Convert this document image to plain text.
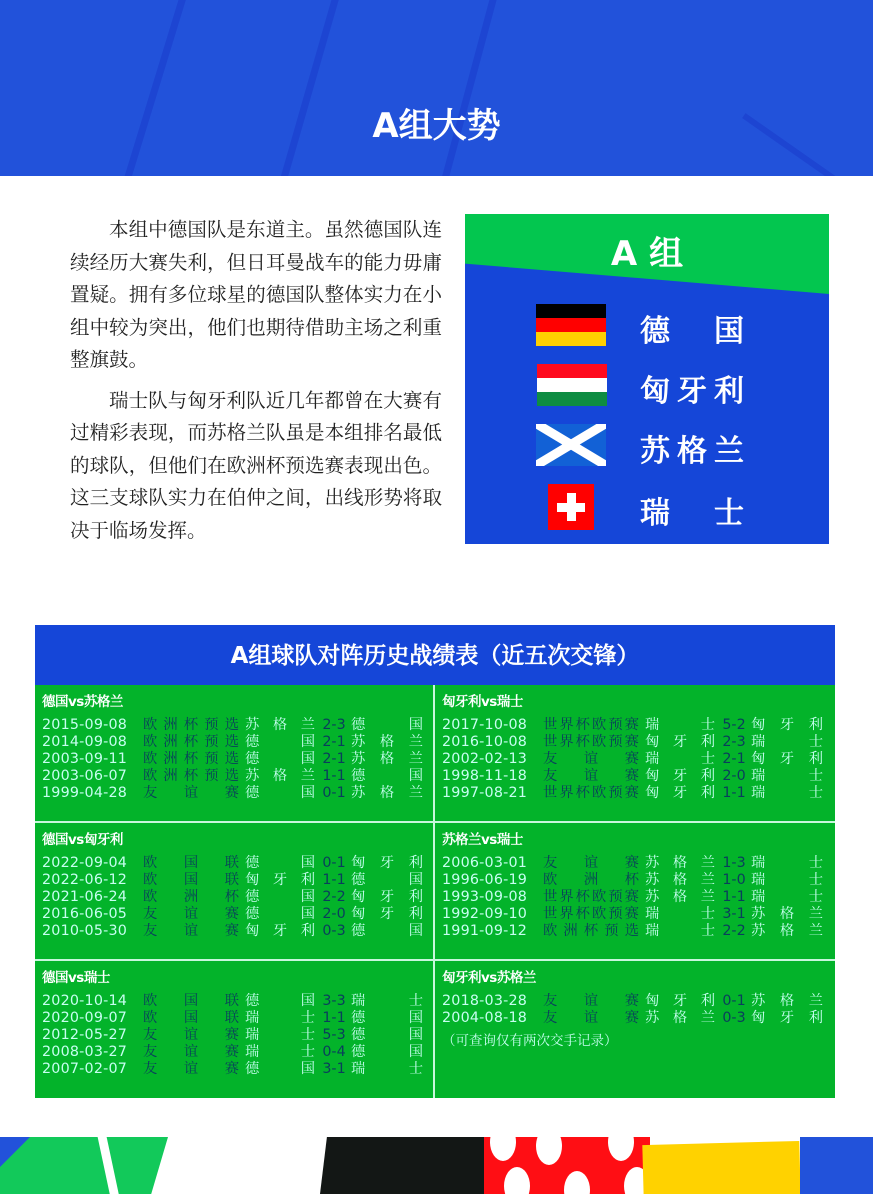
A组大势

本组中德国队是东道主。虽然德国队连续经历大赛失利，但日耳曼战车的能力毋庸置疑。拥有多位球星的德国队整体实力在小组中较为突出，他们也期待借助主场之利重整旗鼓。

瑞士队与匈牙利队近几年都曾在大赛有过精彩表现，而苏格兰队虽是本组排名最低的球队，但他们在欧洲杯预选赛表现出色。这三支球队实力在伯仲之间，出线形势将取决于临场发挥。

A 组
德 国
匈 牙 利
苏 格 兰
瑞 士
A组球队对阵历史战绩表（近五次交锋）
德国vs苏格兰
2015-09-08	欧 洲 杯 预 选 苏 格 兰 2-3 德	国
2014-09-08	欧 洲 杯 预 选 德	国 2-1 苏 格 兰
2003-09-11	欧 洲 杯 预 选 德	国 2-1 苏 格 兰
2003-06-07	欧 洲 杯 预 选 苏 格 兰 1-1 德	国
1999-04-28	友 谊 赛 德	国 0-1 苏 格 兰
匈牙利vs瑞士
2017-10-08	世 界 杯 欧 预 赛 瑞	士 5-2 匈 牙 利
2016-10-08	世 界 杯 欧 预 赛 匈 牙 利 2-3 瑞	士
2002-02-13	友 谊 赛 瑞	士 2-1 匈 牙 利
1998-11-18	友 谊 赛 匈 牙 利 2-0 瑞	士
1997-08-21	世 界 杯 欧 预 赛 匈 牙 利 1-1 瑞	士
德国vs匈牙利
2022-09-04	欧 国 联 德	国 0-1 匈 牙 利
2022-06-12	欧 国 联 匈 牙 利 1-1 德	国
2021-06-24	欧 洲 杯 德	国 2-2 匈 牙 利
2016-06-05	友 谊 赛 德	国 2-0 匈 牙 利
2010-05-30	友 谊 赛 匈 牙 利 0-3 德	国
苏格兰vs瑞士
2006-03-01	友 谊 赛 苏 格 兰 1-3 瑞	士
1996-06-19	欧 洲 杯 苏 格 兰 1-0 瑞	士
1993-09-08	世 界 杯 欧 预 赛 苏 格 兰 1-1 瑞	士
1992-09-10	世 界 杯 欧 预 赛 瑞	士 3-1 苏 格 兰
1991-09-12	欧 洲 杯 预 选 瑞	士 2-2 苏 格 兰
德国vs瑞士
2020-10-14	欧 国 联 德	国 3-3 瑞	士
2020-09-07	欧 国 联 瑞	士 1-1 德	国
2012-05-27	友 谊 赛 瑞	士 5-3 德	国
2008-03-27	友 谊 赛 瑞	士 0-4 德	国
2007-02-07	友 谊 赛 德	国 3-1 瑞	士
匈牙利vs苏格兰
2018-03-28	友 谊 赛 匈 牙 利 0-1 苏 格 兰
2004-08-18	友 谊 赛 苏 格 兰 0-3 匈 牙 利
（可查询仅有两次交手记录）
